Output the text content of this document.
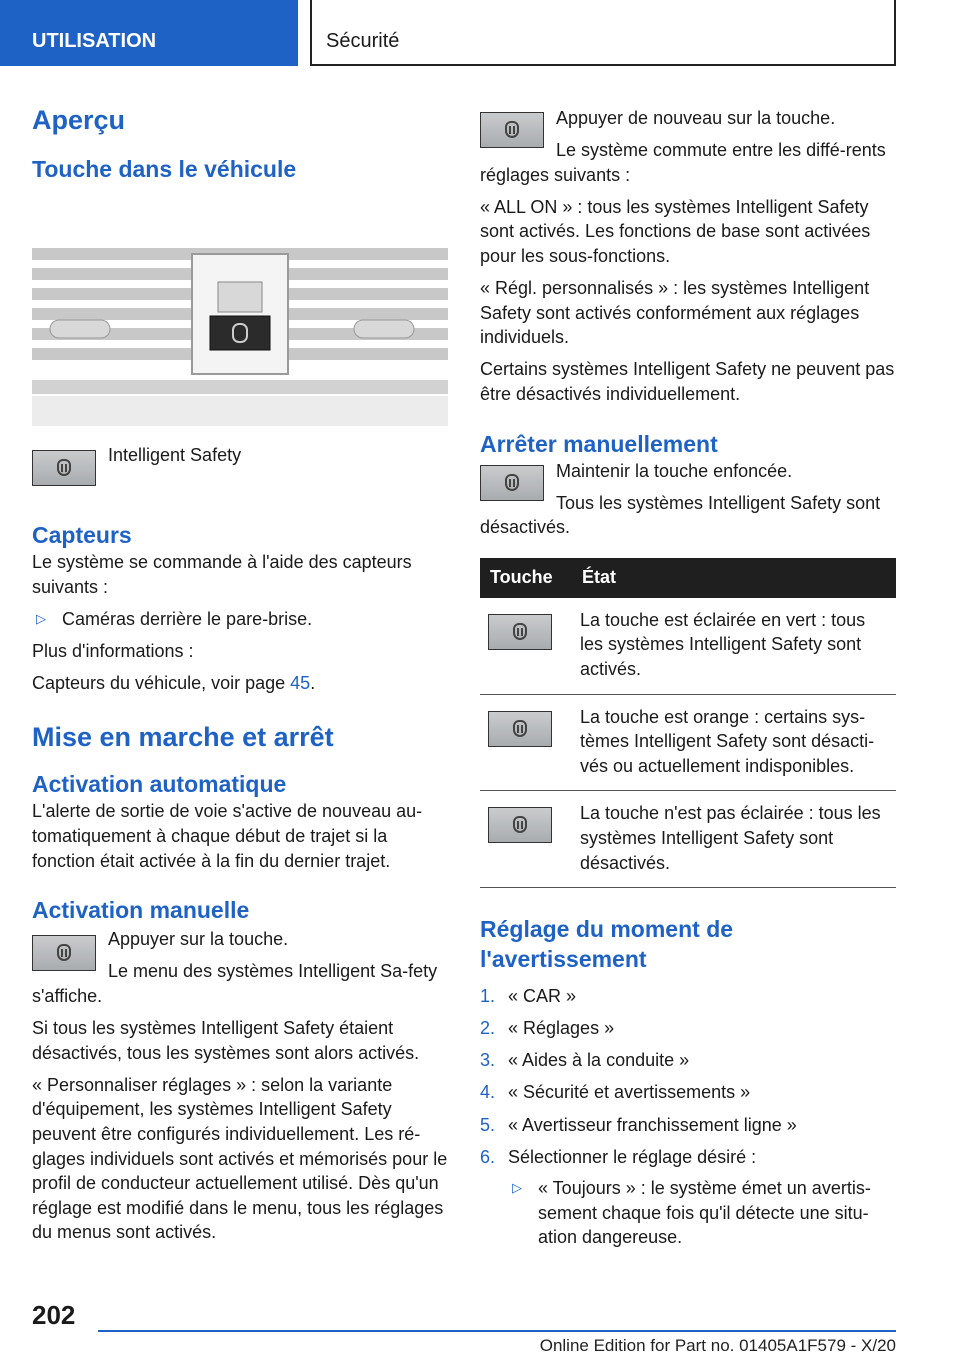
UTILISATION	Sécurité
Aperçu
Touche dans le véhicule

Intelligent Safety

Capteurs

Le système se commande à l'aide des capteurs suivants :

▷ Caméras derrière le pare-brise.

Plus d'informations :

Capteurs du véhicule, voir page 45.

Mise en marche et arrêt
Activation automatique

L'alerte de sortie de voie s'active de nouveau au-tomatiquement à chaque début de trajet si la fonction était activée à la fin du dernier trajet.

Activation manuelle

Appuyer sur la touche.

Le menu des systèmes Intelligent Sa-fety s'affiche.

Si tous les systèmes Intelligent Safety étaient désactivés, tous les systèmes sont alors activés.

« Personnaliser réglages » : selon la variante d'équipement, les systèmes Intelligent Safety peuvent être configurés individuellement. Les ré-glages individuels sont activés et mémorisés pour le profil de conducteur actuellement utilisé. Dès qu'un réglage est modifié dans le menu, tous les réglages du menus sont activés.

Appuyer de nouveau sur la touche.

Le système commute entre les diffé-rents réglages suivants :

« ALL ON » : tous les systèmes Intelligent Safety sont activés. Les fonctions de base sont activées pour les sous-fonctions.

« Régl. personnalisés » : les systèmes Intelligent Safety sont activés conformément aux réglages individuels.

Certains systèmes Intelligent Safety ne peuvent pas être désactivés individuellement.

Arrêter manuellement

Maintenir la touche enfoncée.

Tous les systèmes Intelligent Safety sont désactivés.

Touche	État

	La touche est éclairée en vert : tous les systèmes Intelligent Safety sont activés.

	La touche est orange : certains sys-tèmes Intelligent Safety sont désacti-vés ou actuellement indisponibles.

	La touche n'est pas éclairée : tous les systèmes Intelligent Safety sont désactivés.
Réglage du moment de l'avertissement
1. « CAR »
2. « Réglages »
3. « Aides à la conduite »
4. « Sécurité et avertissements »
5. « Avertisseur franchissement ligne »
6. Sélectionner le réglage désiré :
▷ « Toujours » : le système émet un avertis-sement chaque fois qu'il détecte une situ-ation dangereuse.
202
Online Edition for Part no. 01405A1F579 - X/20
